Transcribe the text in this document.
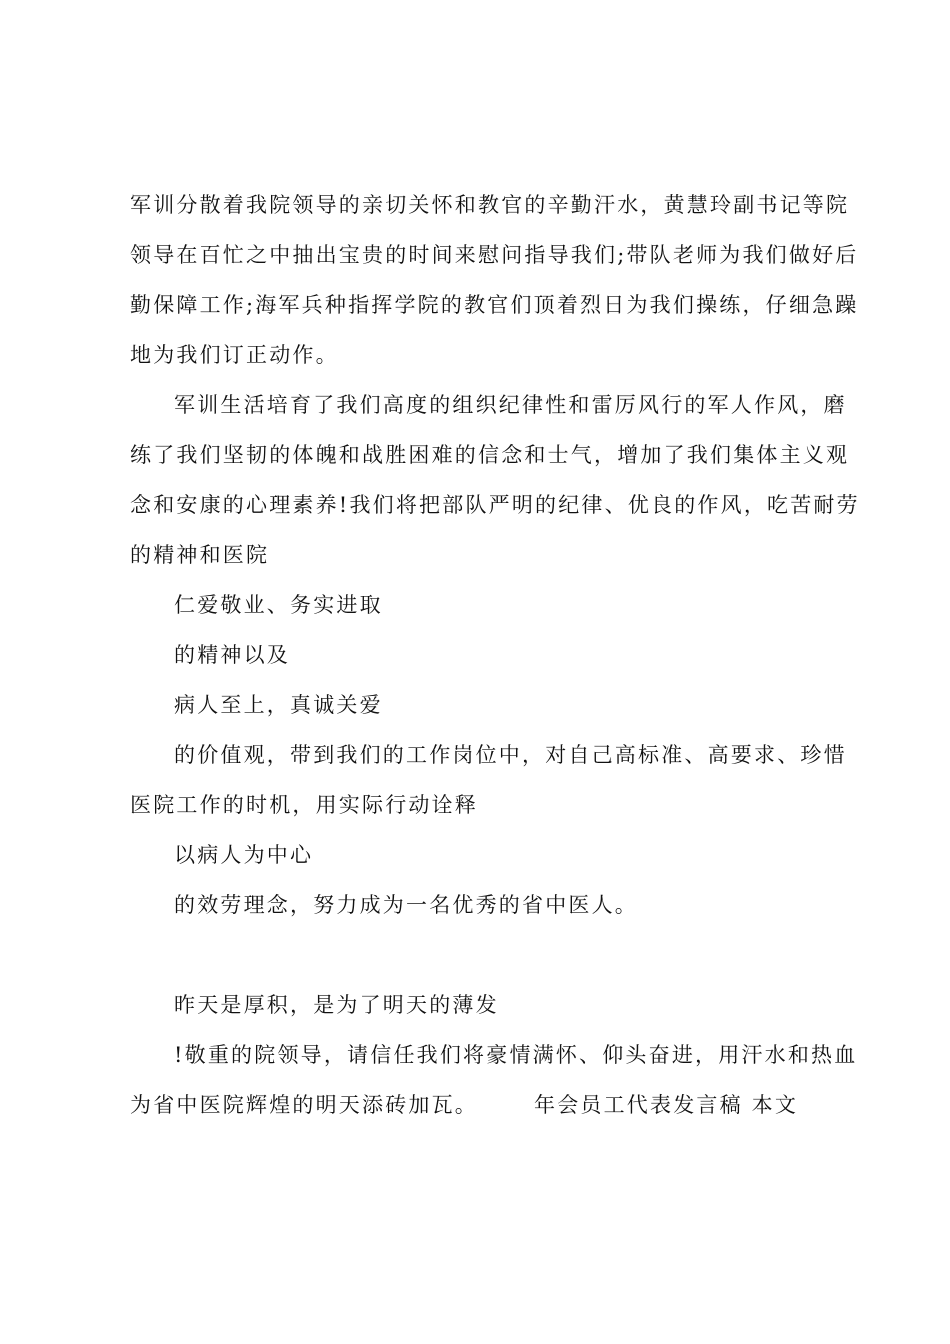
军训分散着我院领导的亲切关怀和教官的辛勤汗水，黄慧玲副书记等院
领导在百忙之中抽出宝贵的时间来慰问指导我们;带队老师为我们做好后
勤保障工作;海军兵种指挥学院的教官们顶着烈日为我们操练，仔细急躁
地为我们订正动作。
军训生活培育了我们高度的组织纪律性和雷厉风行的军人作风，磨
练了我们坚韧的体魄和战胜困难的信念和士气，增加了我们集体主义观
念和安康的心理素养!我们将把部队严明的纪律、优良的作风，吃苦耐劳
的精神和医院
仁爱敬业、务实进取
的精神以及
病人至上，真诚关爱
的价值观，带到我们的工作岗位中，对自己高标准、高要求、珍惜
医院工作的时机，用实际行动诠释
以病人为中心
的效劳理念，努力成为一名优秀的省中医人。
昨天是厚积，是为了明天的薄发
!敬重的院领导，请信任我们将豪情满怀、仰头奋进，用汗水和热血
为省中医院辉煌的明天添砖加瓦。	年会员工代表发言稿 本文
